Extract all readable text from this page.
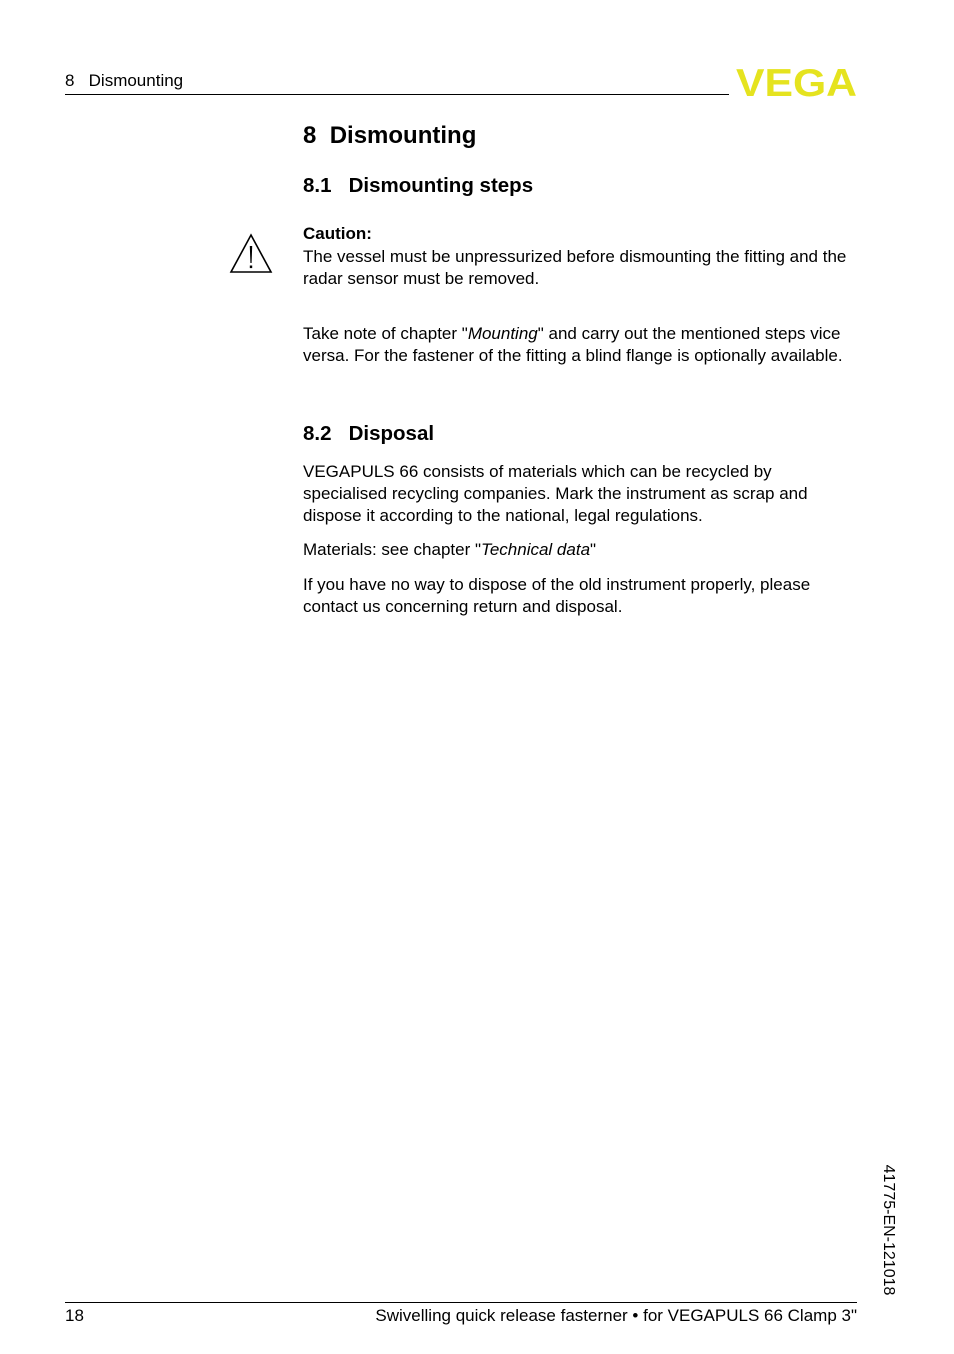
8 Dismounting	VEGA
8 Dismounting
8.1 Dismounting steps

Caution:

The vessel must be unpressurized before dismounting the fitting and the radar sensor must be removed.

Take note of chapter "Mounting" and carry out the mentioned steps vice versa. For the fastener of the fitting a blind flange is optionally available.

8.2 Disposal

VEGAPULS 66 consists of materials which can be recycled by specialised recycling companies. Mark the instrument as scrap and dispose it according to the national, legal regulations.

Materials: see chapter "Technical data"

If you have no way to dispose of the old instrument properly, please contact us concerning return and disposal.

41775-EN-121018
18	Swivelling quick release fasterner • for VEGAPULS 66 Clamp 3"
